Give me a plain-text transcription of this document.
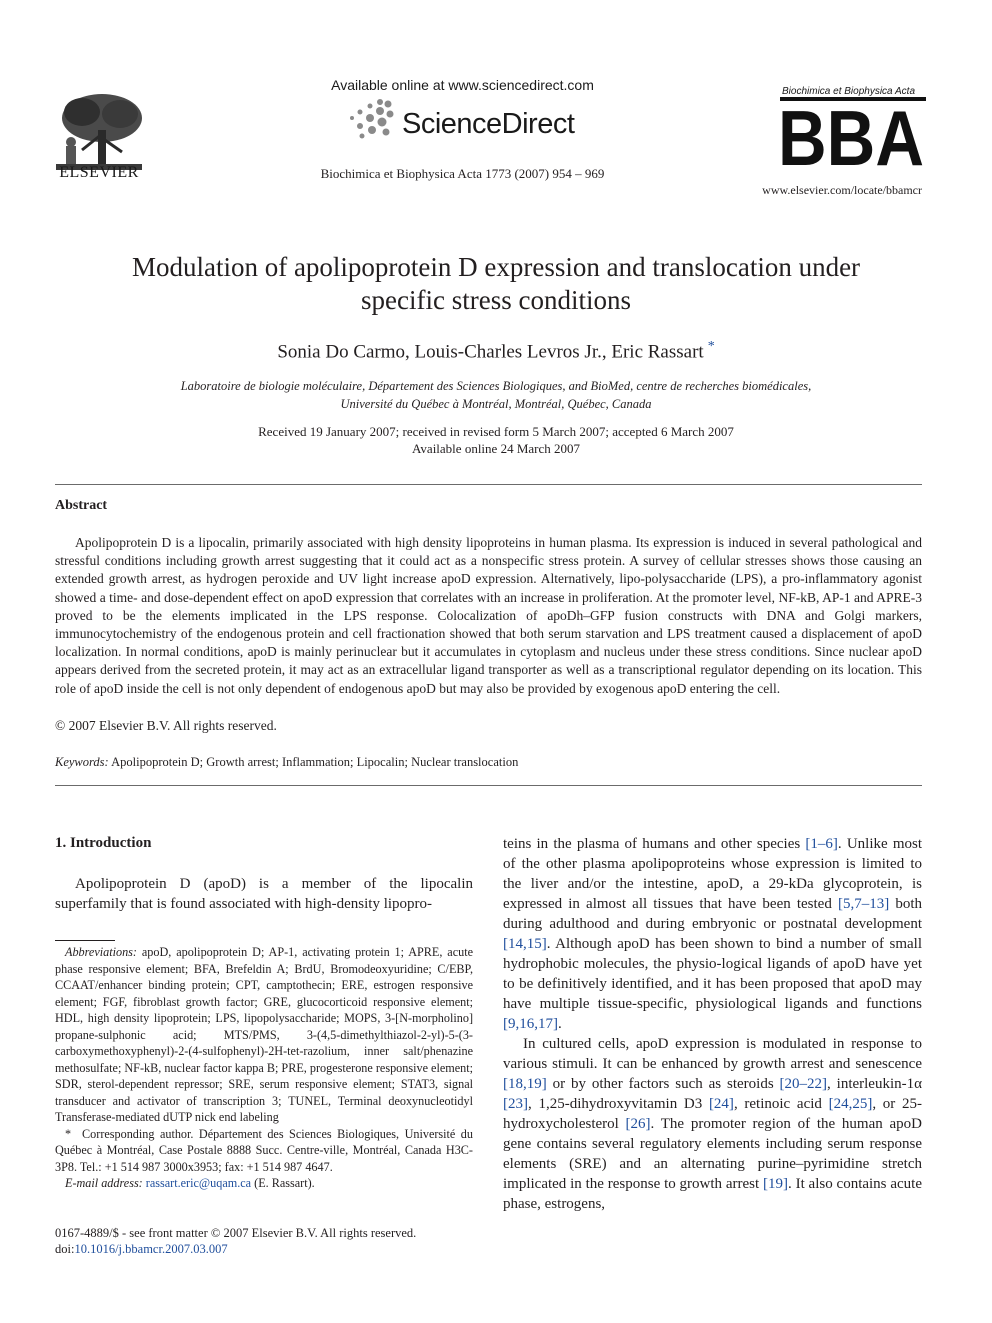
ELSEVIER
Available online at www.sciencedirect.com
ScienceDirect
Biochimica et Biophysica Acta 1773 (2007) 954 – 969
Biochimica et Biophysica Acta
BBA
www.elsevier.com/locate/bbamcr
Modulation of apolipoprotein D expression and translocation under
specific stress conditions
Sonia Do Carmo, Louis-Charles Levros Jr., Eric Rassart *
Laboratoire de biologie moléculaire, Département des Sciences Biologiques, and BioMed, centre de recherches biomédicales,
Université du Québec à Montréal, Montréal, Québec, Canada
Received 19 January 2007; received in revised form 5 March 2007; accepted 6 March 2007
Available online 24 March 2007
Abstract

Apolipoprotein D is a lipocalin, primarily associated with high density lipoproteins in human plasma. Its expression is induced in several pathological and stressful conditions including growth arrest suggesting that it could act as a nonspecific stress protein. A survey of cellular stresses shows those causing an extended growth arrest, as hydrogen peroxide and UV light increase apoD expression. Alternatively, lipo-polysaccharide (LPS), a pro-inflammatory agonist showed a time- and dose-dependent effect on apoD expression that correlates with an increase in proliferation. At the promoter level, NF-kB, AP-1 and APRE-3 proved to be the elements implicated in the LPS response. Colocalization of apoDh–GFP fusion constructs with DNA and Golgi markers, immunocytochemistry of the endogenous protein and cell fractionation showed that both serum starvation and LPS treatment caused a displacement of apoD localization. In normal conditions, apoD is mainly perinuclear but it accumulates in cytoplasm and nucleus under these stress conditions. Since nuclear apoD appears derived from the secreted protein, it may act as an extracellular ligand transporter as well as a transcriptional regulator depending on its location. This role of apoD inside the cell is not only dependent of endogenous apoD but may also be provided by exogenous apoD entering the cell.

© 2007 Elsevier B.V. All rights reserved.
Keywords: Apolipoprotein D; Growth arrest; Inflammation; Lipocalin; Nuclear translocation
1. Introduction

Apolipoprotein D (apoD) is a member of the lipocalin superfamily that is found associated with high-density lipopro-

Abbreviations: apoD, apolipoprotein D; AP-1, activating protein 1; APRE, acute phase responsive element; BFA, Brefeldin A; BrdU, Bromodeoxyuridine; C/EBP, CCAAT/enhancer binding protein; CPT, camptothecin; ERE, estrogen responsive element; FGF, fibroblast growth factor; GRE, glucocorticoid responsive element; HDL, high density lipoprotein; LPS, lipopolysaccharide; MOPS, 3-[N-morpholino] propane-sulphonic acid; MTS/PMS, 3-(4,5-dimethylthiazol-2-yl)-5-(3-carboxymethoxyphenyl)-2-(4-sulfophenyl)-2H-tet-razolium, inner salt/phenazine methosulfate; NF-kB, nuclear factor kappa B; PRE, progesterone responsive element; SDR, sterol-dependent repressor; SRE, serum responsive element; STAT3, signal transducer and activator of transcription 3; TUNEL, Terminal deoxynucleotidyl Transferase-mediated dUTP nick end labeling

* Corresponding author. Département des Sciences Biologiques, Université du Québec à Montréal, Case Postale 8888 Succ. Centre-ville, Montréal, Canada H3C-3P8. Tel.: +1 514 987 3000x3953; fax: +1 514 987 4647.

E-mail address: rassart.eric@uqam.ca (E. Rassart).

0167-4889/$ - see front matter © 2007 Elsevier B.V. All rights reserved.
doi:10.1016/j.bbamcr.2007.03.007

teins in the plasma of humans and other species [1–6]. Unlike most of the other plasma apolipoproteins whose expression is limited to the liver and/or the intestine, apoD, a 29-kDa glycoprotein, is expressed in almost all tissues that have been tested [5,7–13] both during adulthood and during embryonic or postnatal development [14,15]. Although apoD has been shown to bind a number of small hydrophobic molecules, the physio-logical ligands of apoD have yet to be definitively identified, and it has been proposed that apoD may have multiple tissue-specific, physiological ligands and functions [9,16,17].

In cultured cells, apoD expression is modulated in response to various stimuli. It can be enhanced by growth arrest and senescence [18,19] or by other factors such as steroids [20–22], interleukin-1α [23], 1,25-dihydroxyvitamin D3 [24], retinoic acid [24,25], or 25-hydroxycholesterol [26]. The promoter region of the human apoD gene contains several regulatory elements including serum response elements (SRE) and an alternating purine–pyrimidine stretch implicated in the response to growth arrest [19]. It also contains acute phase, estrogens,
